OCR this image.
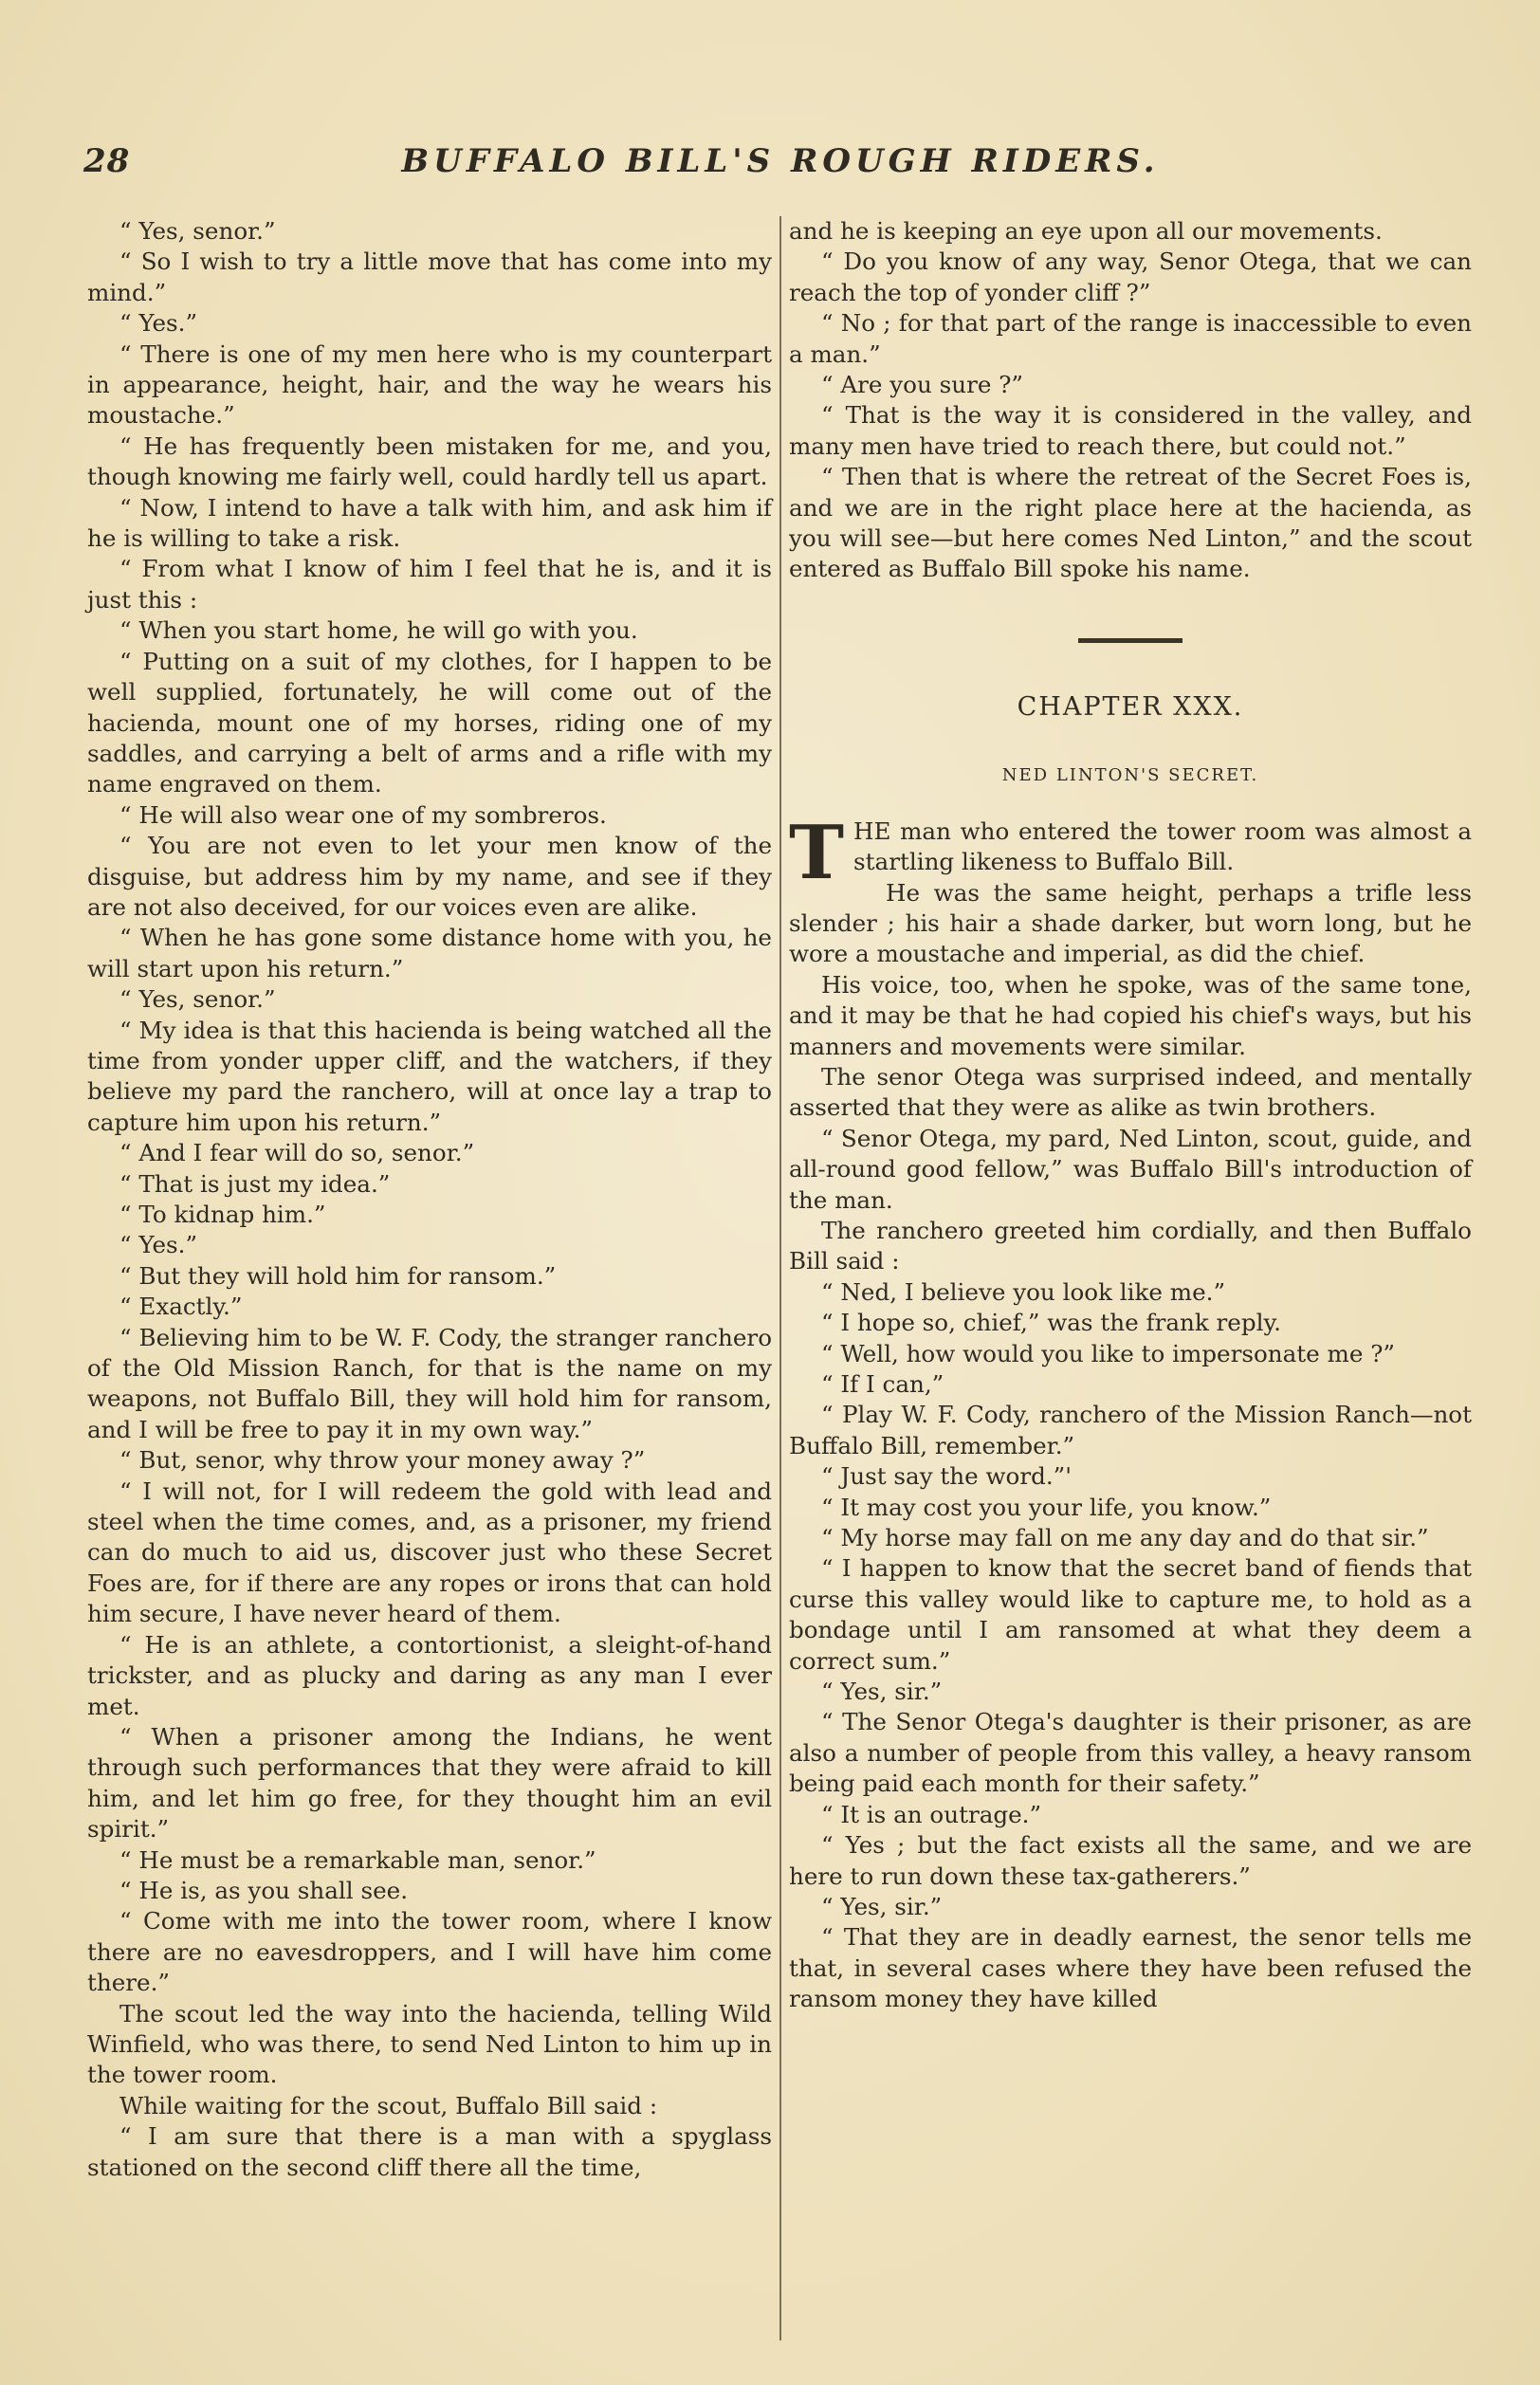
28	BUFFALO BILL'S ROUGH RIDERS.

“ Yes, senor.”

“ So I wish to try a little move that has come into my mind.”

“ Yes.”

“ There is one of my men here who is my counterpart in appearance, height, hair, and the way he wears his moustache.”

“ He has frequently been mistaken for me, and you, though knowing me fairly well, could hardly tell us apart.

“ Now, I intend to have a talk with him, and ask him if he is willing to take a risk.

“ From what I know of him I feel that he is, and it is just this :

“ When you start home, he will go with you.

“ Putting on a suit of my clothes, for I happen to be well supplied, fortunately, he will come out of the hacienda, mount one of my horses, riding one of my saddles, and carrying a belt of arms and a rifle with my name engraved on them.

“ He will also wear one of my sombreros.

“ You are not even to let your men know of the disguise, but address him by my name, and see if they are not also deceived, for our voices even are alike.

“ When he has gone some distance home with you, he will start upon his return.”

“ Yes, senor.”

“ My idea is that this hacienda is being watched all the time from yonder upper cliff, and the watchers, if they believe my pard the ranchero, will at once lay a trap to capture him upon his return.”

“ And I fear will do so, senor.”

“ That is just my idea.”

“ To kidnap him.”

“ Yes.”

“ But they will hold him for ransom.”

“ Exactly.”

“ Believing him to be W. F. Cody, the stranger ranchero of the Old Mission Ranch, for that is the name on my weapons, not Buffalo Bill, they will hold him for ransom, and I will be free to pay it in my own way.”

“ But, senor, why throw your money away ?”

“ I will not, for I will redeem the gold with lead and steel when the time comes, and, as a prisoner, my friend can do much to aid us, discover just who these Secret Foes are, for if there are any ropes or irons that can hold him secure, I have never heard of them.

“ He is an athlete, a contortionist, a sleight-of-hand trickster, and as plucky and daring as any man I ever met.

“ When a prisoner among the Indians, he went through such performances that they were afraid to kill him, and let him go free, for they thought him an evil spirit.”

“ He must be a remarkable man, senor.”

“ He is, as you shall see.

“ Come with me into the tower room, where I know there are no eavesdroppers, and I will have him come there.”

The scout led the way into the hacienda, telling Wild Winfield, who was there, to send Ned Linton to him up in the tower room.

While waiting for the scout, Buffalo Bill said :

“ I am sure that there is a man with a spyglass stationed on the second cliff there all the time,

and he is keeping an eye upon all our movements.

“ Do you know of any way, Senor Otega, that we can reach the top of yonder cliff ?”

“ No ; for that part of the range is inaccessible to even a man.”

“ Are you sure ?”

“ That is the way it is considered in the valley, and many men have tried to reach there, but could not.”

“ Then that is where the retreat of the Secret Foes is, and we are in the right place here at the hacienda, as you will see—but here comes Ned Linton,” and the scout entered as Buffalo Bill spoke his name.

CHAPTER XXX.
NED LINTON'S SECRET.

THE man who entered the tower room was almost a startling likeness to Buffalo Bill.

He was the same height, perhaps a trifle less slender ; his hair a shade darker, but worn long, but he wore a moustache and imperial, as did the chief.

His voice, too, when he spoke, was of the same tone, and it may be that he had copied his chief's ways, but his manners and movements were similar.

The senor Otega was surprised indeed, and mentally asserted that they were as alike as twin brothers.

“ Senor Otega, my pard, Ned Linton, scout, guide, and all-round good fellow,” was Buffalo Bill's introduction of the man.

The ranchero greeted him cordially, and then Buffalo Bill said :

“ Ned, I believe you look like me.”

“ I hope so, chief,” was the frank reply.

“ Well, how would you like to impersonate me ?”

“ If I can,”

“ Play W. F. Cody, ranchero of the Mission Ranch—not Buffalo Bill, remember.”

“ Just say the word.”'

“ It may cost you your life, you know.”

“ My horse may fall on me any day and do that sir.”

“ I happen to know that the secret band of fiends that curse this valley would like to capture me, to hold as a bondage until I am ransomed at what they deem a correct sum.”

“ Yes, sir.”

“ The Senor Otega's daughter is their prisoner, as are also a number of people from this valley, a heavy ransom being paid each month for their safety.”

“ It is an outrage.”

“ Yes ; but the fact exists all the same, and we are here to run down these tax-gatherers.”

“ Yes, sir.”

“ That they are in deadly earnest, the senor tells me that, in several cases where they have been refused the ransom money they have killed
